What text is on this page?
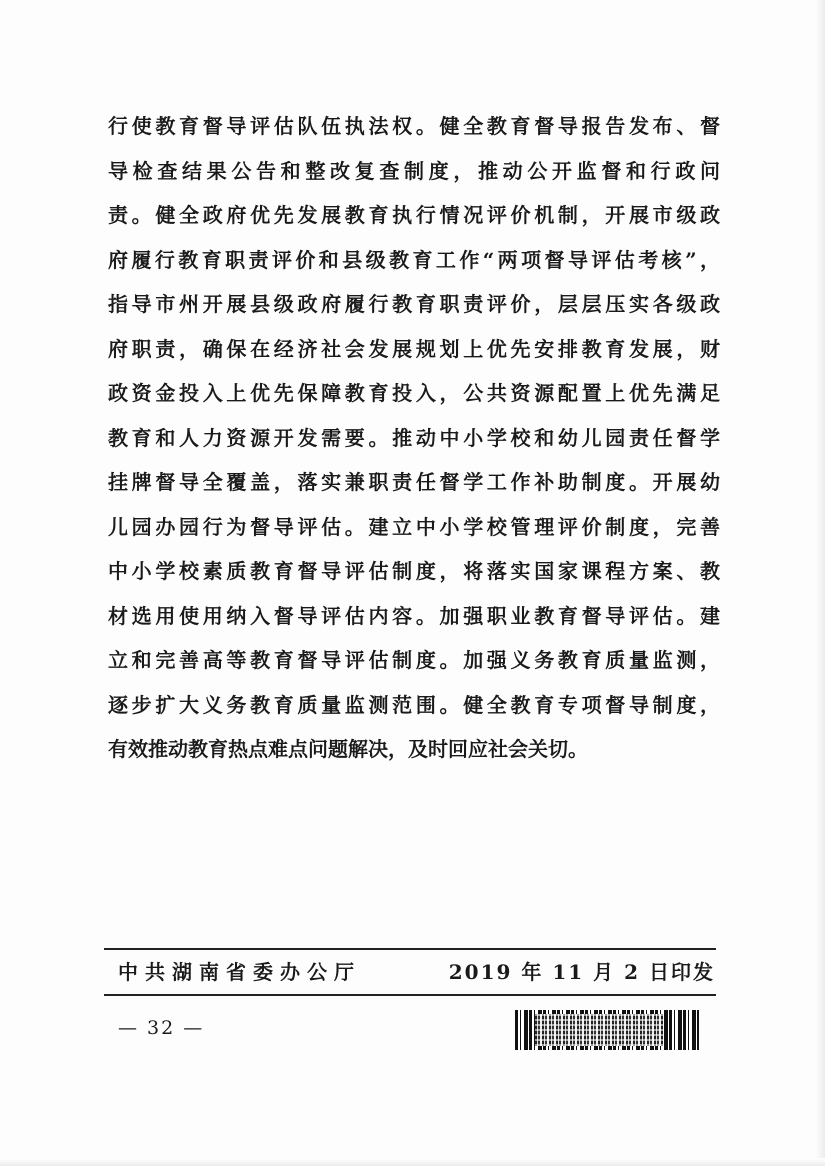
行使教育督导评估队伍执法权。健全教育督导报告发布、督
导检查结果公告和整改复查制度，推动公开监督和行政问
责。健全政府优先发展教育执行情况评价机制，开展市级政
府履行教育职责评价和县级教育工作“两项督导评估考核”，
指导市州开展县级政府履行教育职责评价，层层压实各级政
府职责，确保在经济社会发展规划上优先安排教育发展，财
政资金投入上优先保障教育投入，公共资源配置上优先满足
教育和人力资源开发需要。推动中小学校和幼儿园责任督学
挂牌督导全覆盖，落实兼职责任督学工作补助制度。开展幼
儿园办园行为督导评估。建立中小学校管理评价制度，完善
中小学校素质教育督导评估制度，将落实国家课程方案、教
材选用使用纳入督导评估内容。加强职业教育督导评估。建
立和完善高等教育督导评估制度。加强义务教育质量监测，
逐步扩大义务教育质量监测范围。健全教育专项督导制度，
有效推动教育热点难点问题解决，及时回应社会关切。
中共湖南省委办公厅	2019 年 11 月 2 日印发
— 32 —
